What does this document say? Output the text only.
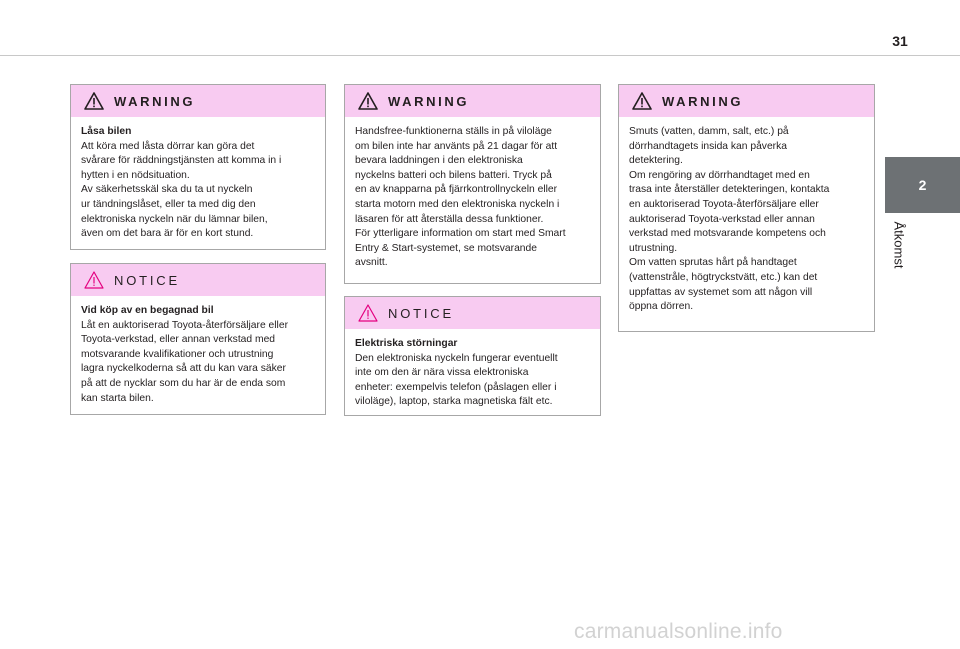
31
2
Åtkomst
WARNING
Låsa bilen
Att köra med låsta dörrar kan göra det
svårare för räddningstjänsten att komma in i
hytten i en nödsituation.
Av säkerhetsskäl ska du ta ut nyckeln
ur tändningslåset, eller ta med dig den
elektroniska nyckeln när du lämnar bilen,
även om det bara är för en kort stund.
NOTICE
Vid köp av en begagnad bil
Låt en auktoriserad Toyota-återförsäljare eller
Toyota-verkstad, eller annan verkstad med
motsvarande kvalifikationer och utrustning
lagra nyckelkoderna så att du kan vara säker
på att de nycklar som du har är de enda som
kan starta bilen.
WARNING
Handsfree-funktionerna ställs in på viloläge
om bilen inte har använts på 21 dagar för att
bevara laddningen i den elektroniska
nyckelns batteri och bilens batteri. Tryck på
en av knapparna på fjärrkontrollnyckeln eller
starta motorn med den elektroniska nyckeln i
läsaren för att återställa dessa funktioner.
För ytterligare information om start med Smart
Entry & Start-systemet, se motsvarande
avsnitt.
NOTICE
Elektriska störningar
Den elektroniska nyckeln fungerar eventuellt
inte om den är nära vissa elektroniska
enheter: exempelvis telefon (påslagen eller i
viloläge), laptop, starka magnetiska fält etc.
WARNING
Smuts (vatten, damm, salt, etc.) på
dörrhandtagets insida kan påverka
detektering.
Om rengöring av dörrhandtaget med en
trasa inte återställer detekteringen, kontakta
en auktoriserad Toyota-återförsäljare eller
auktoriserad Toyota-verkstad eller annan
verkstad med motsvarande kompetens och
utrustning.
Om vatten sprutas hårt på handtaget
(vattenstråle, högtryckstvätt, etc.) kan det
uppfattas av systemet som att någon vill
öppna dörren.
carmanualsonline.info
